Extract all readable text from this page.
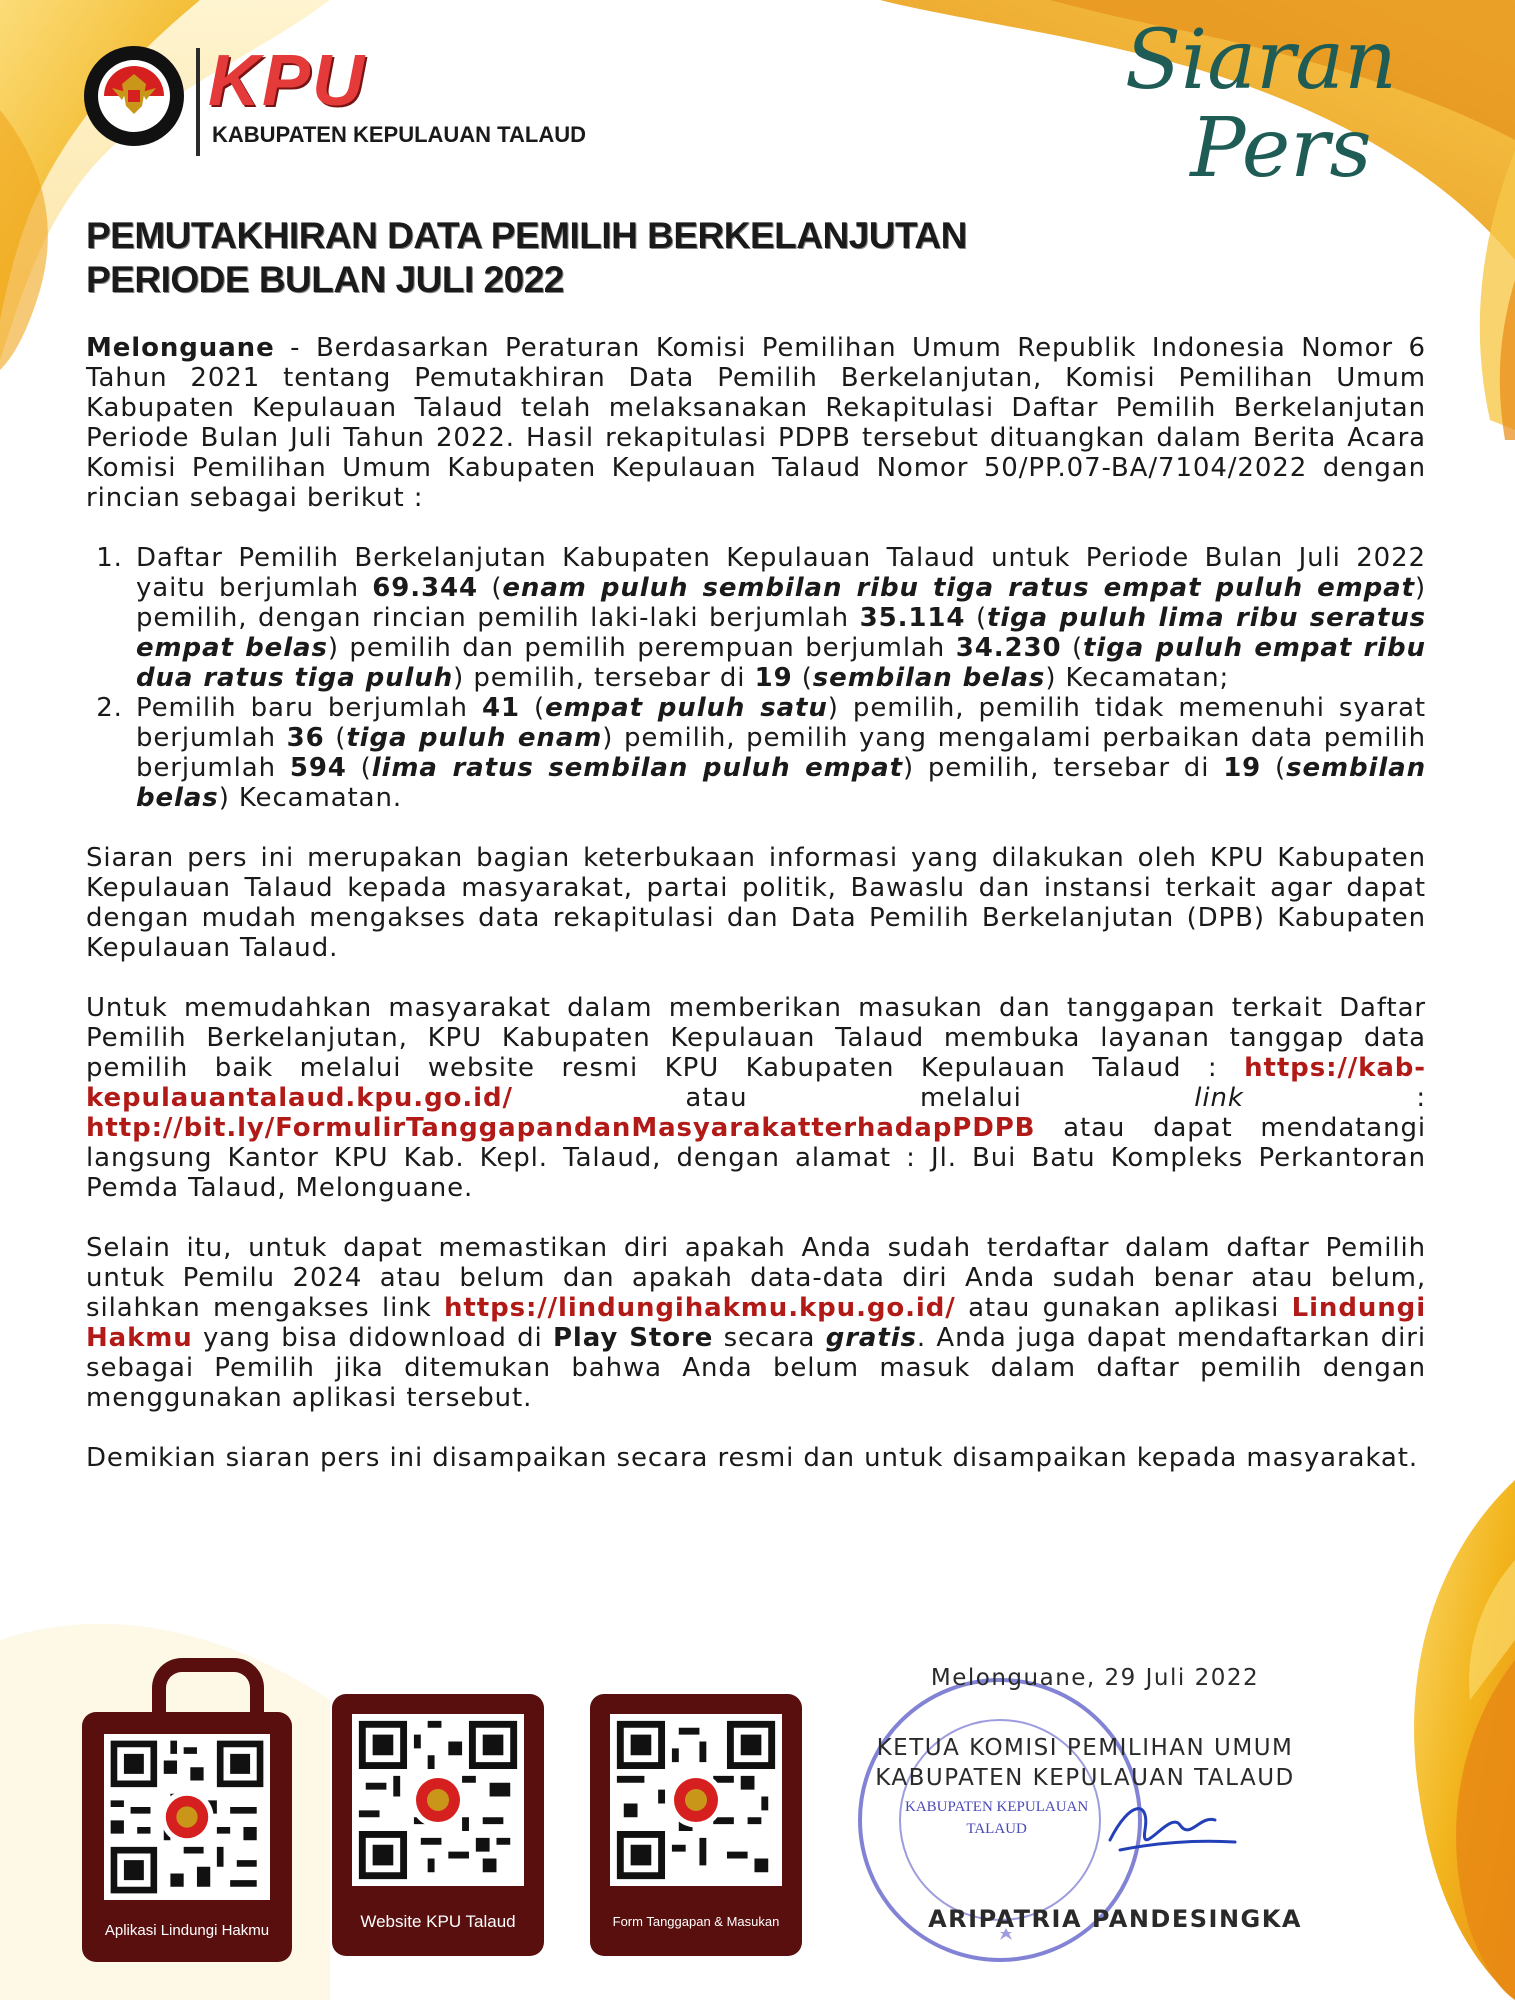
KPU
KABUPATEN KEPULAUAN TALAUD
Siaran
Pers
PEMUTAKHIRAN DATA PEMILIH BERKELANJUTAN
PERIODE BULAN JULI 2022

Melonguane - Berdasarkan Peraturan Komisi Pemilihan Umum Republik Indonesia Nomor 6 Tahun 2021 tentang Pemutakhiran Data Pemilih Berkelanjutan, Komisi Pemilihan Umum Kabupaten Kepulauan Talaud telah melaksanakan Rekapitulasi Daftar Pemilih Berkelanjutan Periode Bulan Juli Tahun 2022. Hasil rekapitulasi PDPB tersebut dituangkan dalam Berita Acara Komisi Pemilihan Umum Kabupaten Kepulauan Talaud Nomor 50/PP.07-BA/7104/2022 dengan rincian sebagai berikut :

1. Daftar Pemilih Berkelanjutan Kabupaten Kepulauan Talaud untuk Periode Bulan Juli 2022 yaitu berjumlah 69.344 (enam puluh sembilan ribu tiga ratus empat puluh empat) pemilih, dengan rincian pemilih laki-laki berjumlah 35.114 (tiga puluh lima ribu seratus empat belas) pemilih dan pemilih perempuan berjumlah 34.230 (tiga puluh empat ribu dua ratus tiga puluh) pemilih, tersebar di 19 (sembilan belas) Kecamatan;
2. Pemilih baru berjumlah 41 (empat puluh satu) pemilih, pemilih tidak memenuhi syarat berjumlah 36 (tiga puluh enam) pemilih, pemilih yang mengalami perbaikan data pemilih berjumlah 594 (lima ratus sembilan puluh empat) pemilih, tersebar di 19 (sembilan belas) Kecamatan.

Siaran pers ini merupakan bagian keterbukaan informasi yang dilakukan oleh KPU Kabupaten Kepulauan Talaud kepada masyarakat, partai politik, Bawaslu dan instansi terkait agar dapat dengan mudah mengakses data rekapitulasi dan Data Pemilih Berkelanjutan (DPB) Kabupaten Kepulauan Talaud.

Untuk memudahkan masyarakat dalam memberikan masukan dan tanggapan terkait Daftar Pemilih Berkelanjutan, KPU Kabupaten Kepulauan Talaud membuka layanan tanggap data pemilih baik melalui website resmi KPU Kabupaten Kepulauan Talaud : https://kab-kepulauantalaud.kpu.go.id/ atau melalui link : http://bit.ly/FormulirTanggapandanMasyarakatterhadapPDPB atau dapat mendatangi langsung Kantor KPU Kab. Kepl. Talaud, dengan alamat : Jl. Bui Batu Kompleks Perkantoran Pemda Talaud, Melonguane.

Selain itu, untuk dapat memastikan diri apakah Anda sudah terdaftar dalam daftar Pemilih untuk Pemilu 2024 atau belum dan apakah data-data diri Anda sudah benar atau belum, silahkan mengakses link https://lindungihakmu.kpu.go.id/ atau gunakan aplikasi Lindungi Hakmu yang bisa didownload di Play Store secara gratis. Anda juga dapat mendaftarkan diri sebagai Pemilih jika ditemukan bahwa Anda belum masuk dalam daftar pemilih dengan menggunakan aplikasi tersebut.

Demikian siaran pers ini disampaikan secara resmi dan untuk disampaikan kepada masyarakat.

Aplikasi Lindungi Hakmu	Website KPU Talaud	Form Tanggapan & Masukan
KABUPATEN KEPULAUAN
TALAUD
Melonguane, 29 Juli 2022
KETUA KOMISI PEMILIHAN UMUM
KABUPATEN KEPULAUAN TALAUD
ARIPATRIA PANDESINGKA
